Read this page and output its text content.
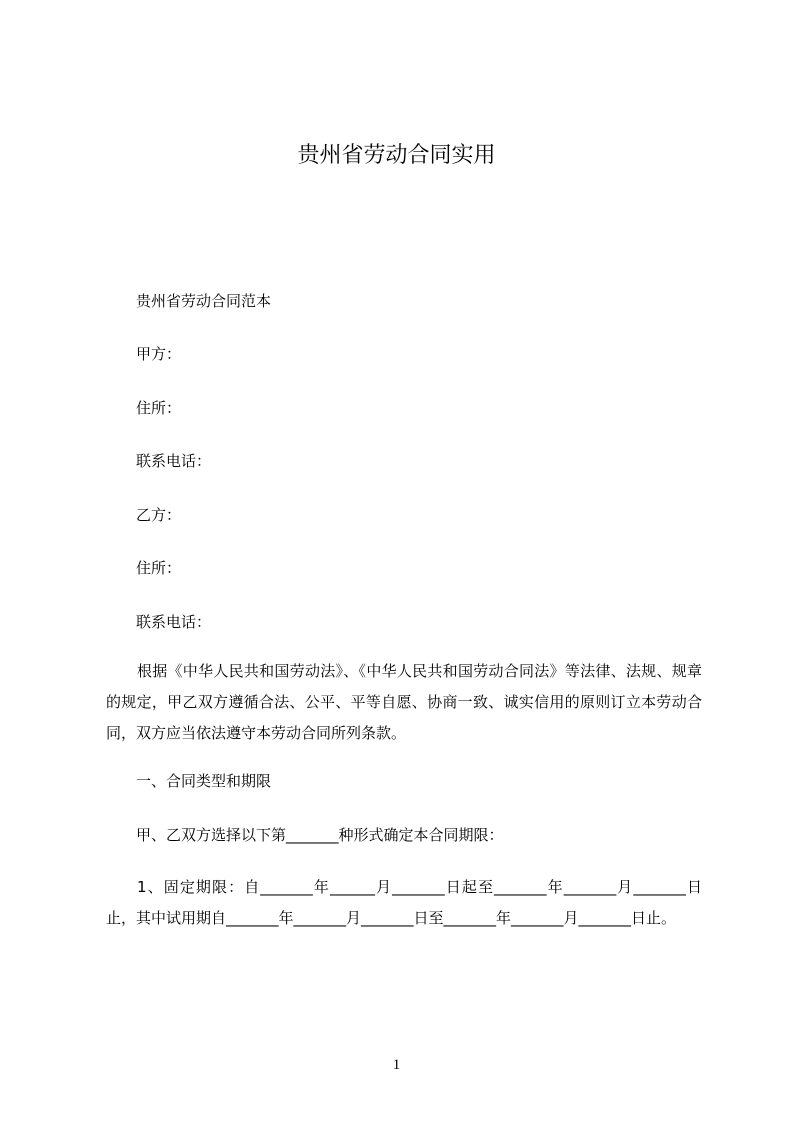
贵州省劳动合同实用
贵州省劳动合同范本
甲方：
住所：
联系电话：
乙方：
住所：
联系电话：
根据《中华人民共和国劳动法》、《中华人民共和国劳动合同法》等法律、法规、规章的规定，甲乙双方遵循合法、公平、平等自愿、协商一致、诚实信用的原则订立本劳动合同，双方应当依法遵守本劳动合同所列条款。
一、合同类型和期限
甲、乙双方选择以下第_______种形式确定本合同期限：
1、固定期限：自_______年______月_______日起至_______年_______月_______日止，其中试用期自_______年_______月_______日至_______年_______月_______日止。
1
